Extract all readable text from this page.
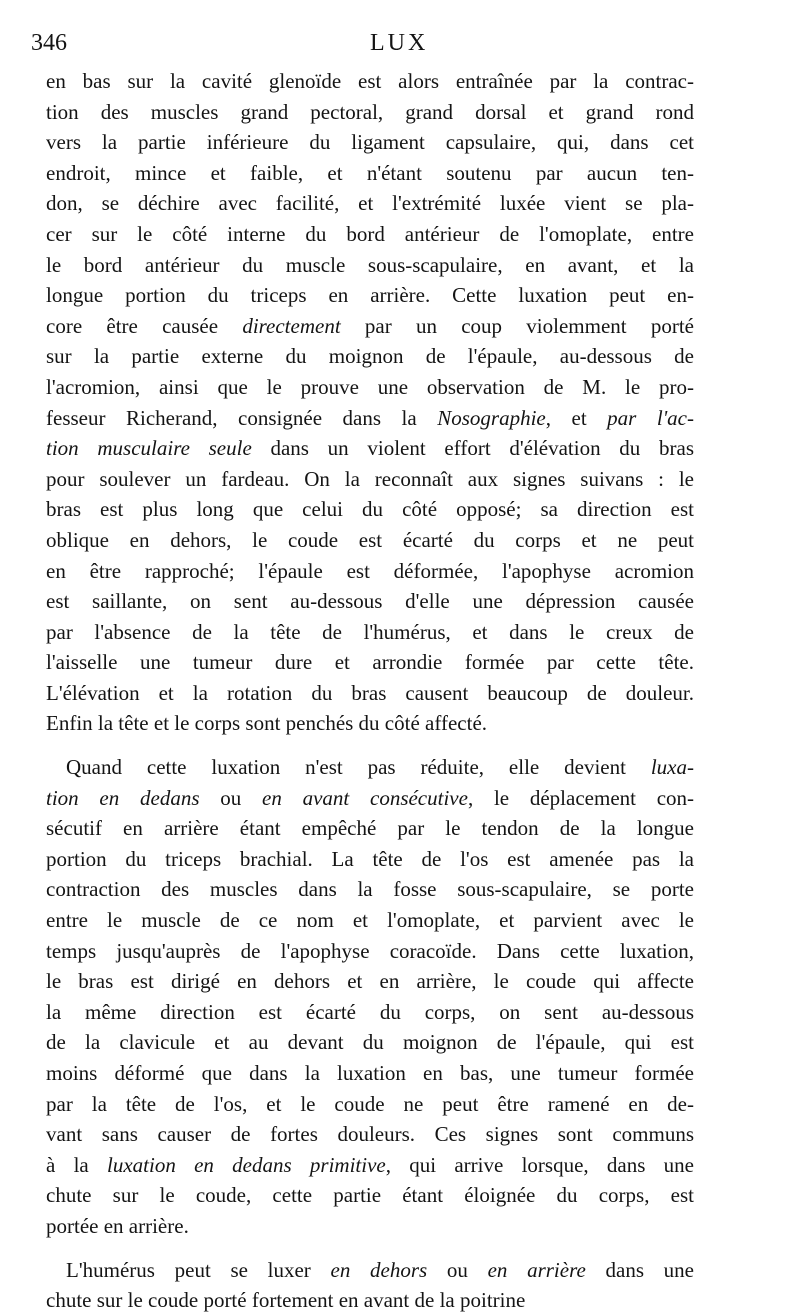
346	LUX
en bas sur la cavité glenoïde est alors entraînée par la contrac-
tion des muscles grand pectoral, grand dorsal et grand rond
vers la partie inférieure du ligament capsulaire, qui, dans cet
endroit, mince et faible, et n'étant soutenu par aucun ten-
don, se déchire avec facilité, et l'extrémité luxée vient se pla-
cer sur le côté interne du bord antérieur de l'omoplate, entre
le bord antérieur du muscle sous-scapulaire, en avant, et la
longue portion du triceps en arrière. Cette luxation peut en-
core être causée directement par un coup violemment porté
sur la partie externe du moignon de l'épaule, au-dessous de
l'acromion, ainsi que le prouve une observation de M. le pro-
fesseur Richerand, consignée dans la Nosographie, et par l'ac-
tion musculaire seule dans un violent effort d'élévation du bras
pour soulever un fardeau. On la reconnaît aux signes suivans : le
bras est plus long que celui du côté opposé; sa direction est
oblique en dehors, le coude est écarté du corps et ne peut
en être rapproché; l'épaule est déformée, l'apophyse acromion
est saillante, on sent au-dessous d'elle une dépression causée
par l'absence de la tête de l'humérus, et dans le creux de
l'aisselle une tumeur dure et arrondie formée par cette tête.
L'élévation et la rotation du bras causent beaucoup de douleur.
Enfin la tête et le corps sont penchés du côté affecté.
Quand cette luxation n'est pas réduite, elle devient luxa-
tion en dedans ou en avant consécutive, le déplacement con-
sécutif en arrière étant empêché par le tendon de la longue
portion du triceps brachial. La tête de l'os est amenée pas la
contraction des muscles dans la fosse sous-scapulaire, se porte
entre le muscle de ce nom et l'omoplate, et parvient avec le
temps jusqu'auprès de l'apophyse coracoïde. Dans cette luxation,
le bras est dirigé en dehors et en arrière, le coude qui affecte
la même direction est écarté du corps, on sent au-dessous
de la clavicule et au devant du moignon de l'épaule, qui est
moins déformé que dans la luxation en bas, une tumeur formée
par la tête de l'os, et le coude ne peut être ramené en de-
vant sans causer de fortes douleurs. Ces signes sont communs
à la luxation en dedans primitive, qui arrive lorsque, dans une
chute sur le coude, cette partie étant éloignée du corps, est
portée en arrière.
L'humérus peut se luxer en dehors ou en arrière dans une
chute sur le coude porté fortement en avant de la poitrine
